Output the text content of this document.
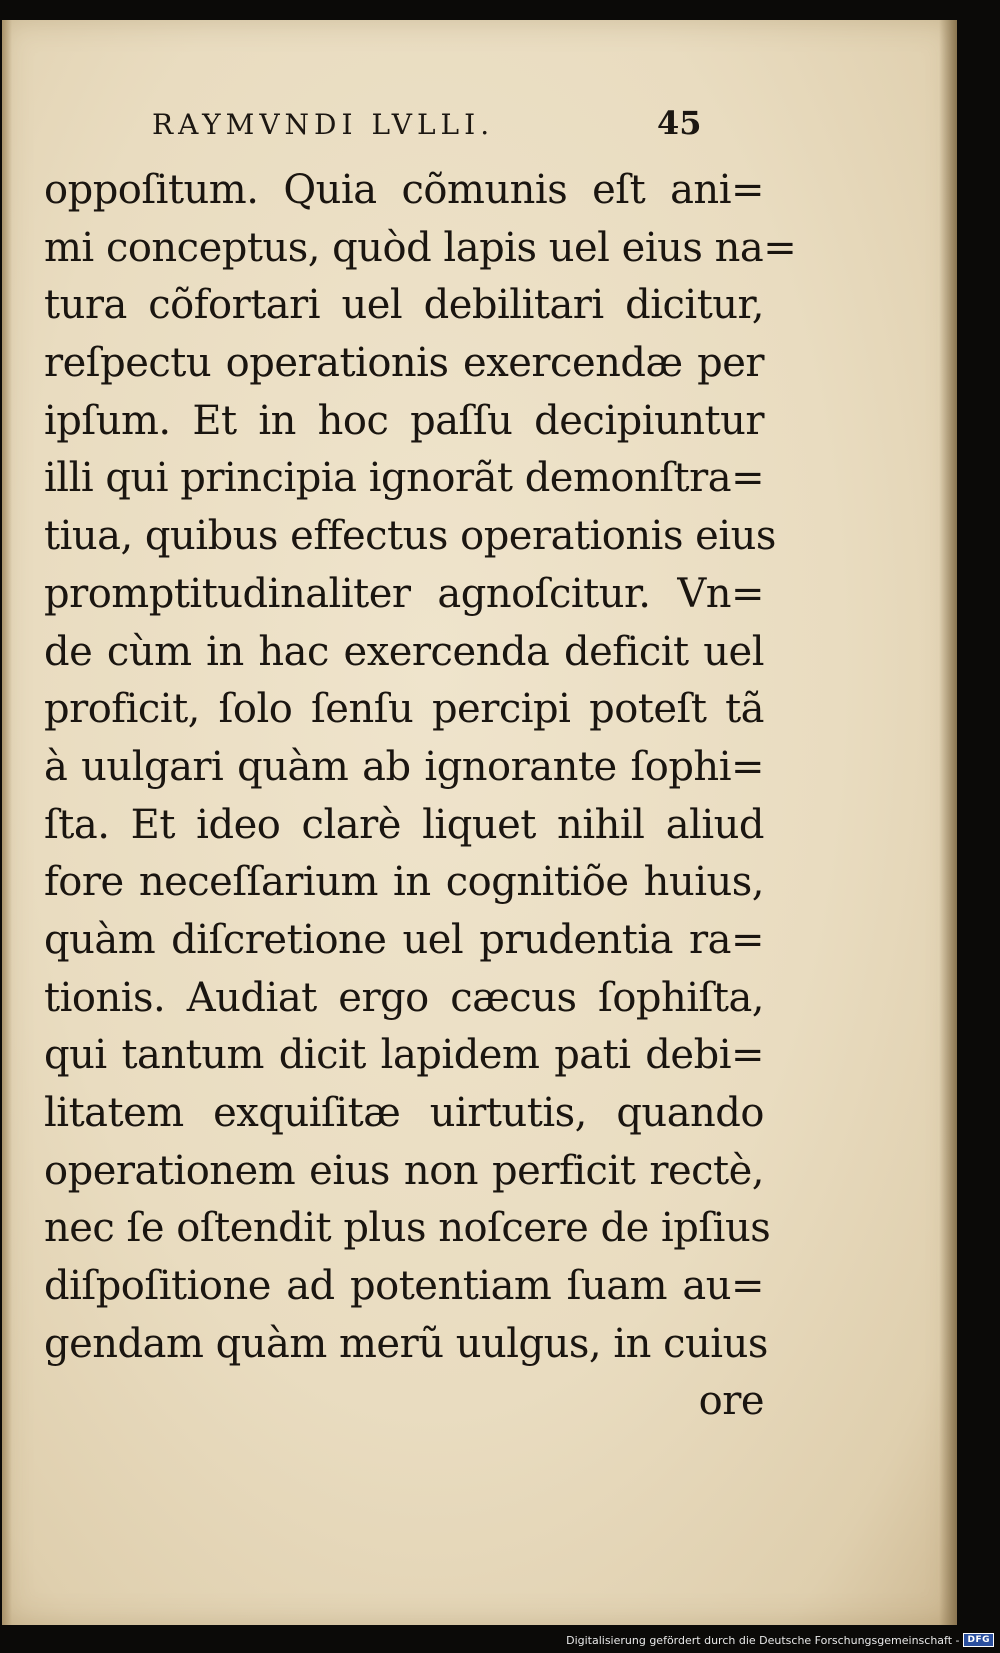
RAYMVNDI LVLLI.	45
oppoſitum. Quia cõmunis eſt ani=
mi conceptus, quòd lapis uel eius na=
tura cõfortari uel debilitari dicitur,
reſpectu operationis exercendæ per
ipſum. Et in hoc paſſu decipiuntur
illi qui principia ignorãt demonſtra=
tiua, quibus effectus operationis eius
promptitudinaliter agnoſcitur. Vn=
de cùm in hac exercenda deficit uel
proficit, ſolo ſenſu percipi poteſt tã
à uulgari quàm ab ignorante ſophi=
ſta. Et ideo clarè liquet nihil aliud
fore neceſſarium in cognitiõe huius,
quàm diſcretione uel prudentia ra=
tionis. Audiat ergo cæcus ſophiſta,
qui tantum dicit lapidem pati debi=
litatem exquiſitæ uirtutis, quando
operationem eius non perficit rectè,
nec ſe oſtendit plus noſcere de ipſius
diſpoſitione ad potentiam ſuam au=
gendam quàm merũ uulgus, in cuius
ore
Digitalisierung gefördert durch die Deutsche Forschungsgemeinschaft - DFG
